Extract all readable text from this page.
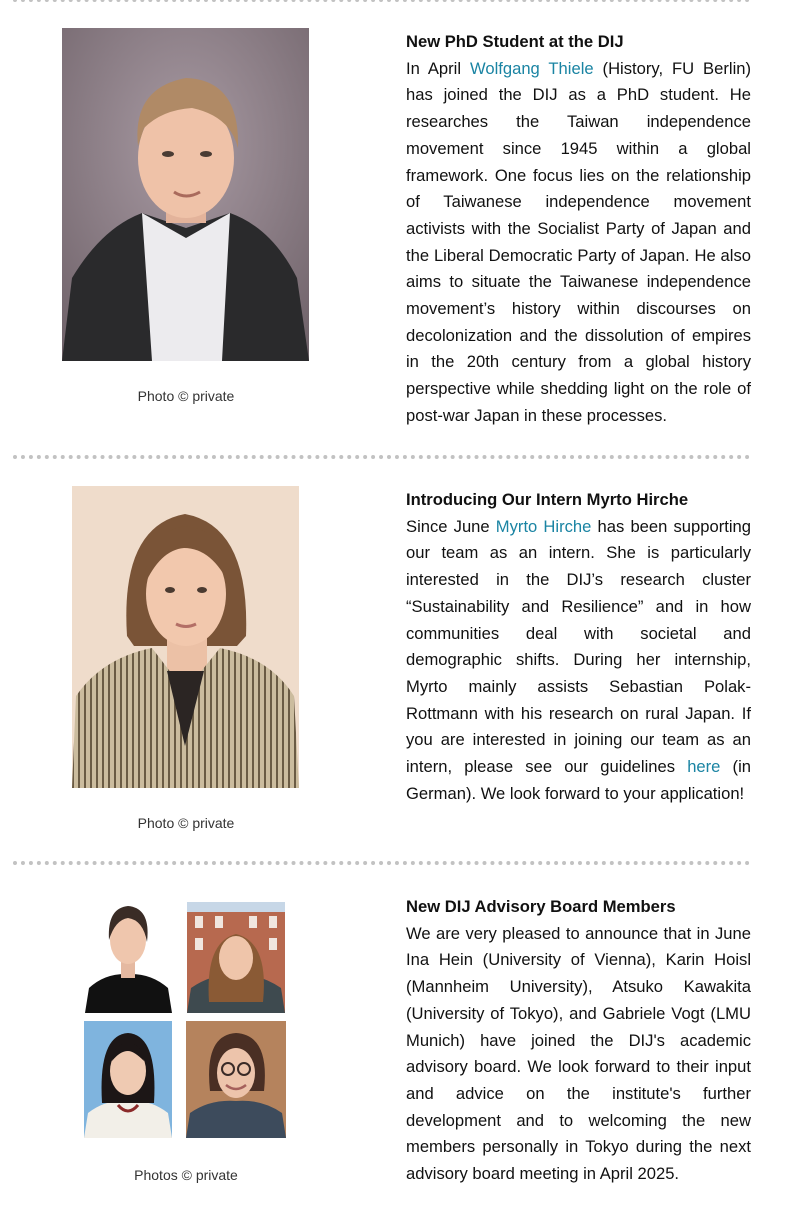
Photo © private
New PhD Student at the DIJ

In April Wolfgang Thiele (History, FU Berlin) has joined the DIJ as a PhD student. He researches the Taiwan independence movement since 1945 within a global framework. One focus lies on the relationship of Taiwanese independence movement activists with the Socialist Party of Japan and the Liberal Democratic Party of Japan. He also aims to situate the Taiwanese independence movement’s history within discourses on decolonization and the dissolution of empires in the 20th century from a global history perspective while shedding light on the role of post-war Japan in these processes.

Photo © private
Introducing Our Intern Myrto Hirche

Since June Myrto Hirche has been supporting our team as an intern. She is particularly interested in the DIJ’s research cluster “Sustainability and Resilience” and in how communities deal with societal and demographic shifts. During her internship, Myrto mainly assists Sebastian Polak-Rottmann with his research on rural Japan. If you are interested in joining our team as an intern, please see our guidelines here (in German). We look forward to your application!

Photos © private
New DIJ Advisory Board Members

We are very pleased to announce that in June Ina Hein (University of Vienna), Karin Hoisl (Mannheim University), Atsuko Kawakita (University of Tokyo), and Gabriele Vogt (LMU Munich) have joined the DIJ's academic advisory board. We look forward to their input and advice on the institute's further development and to welcoming the new members personally in Tokyo during the next advisory board meeting in April 2025.
